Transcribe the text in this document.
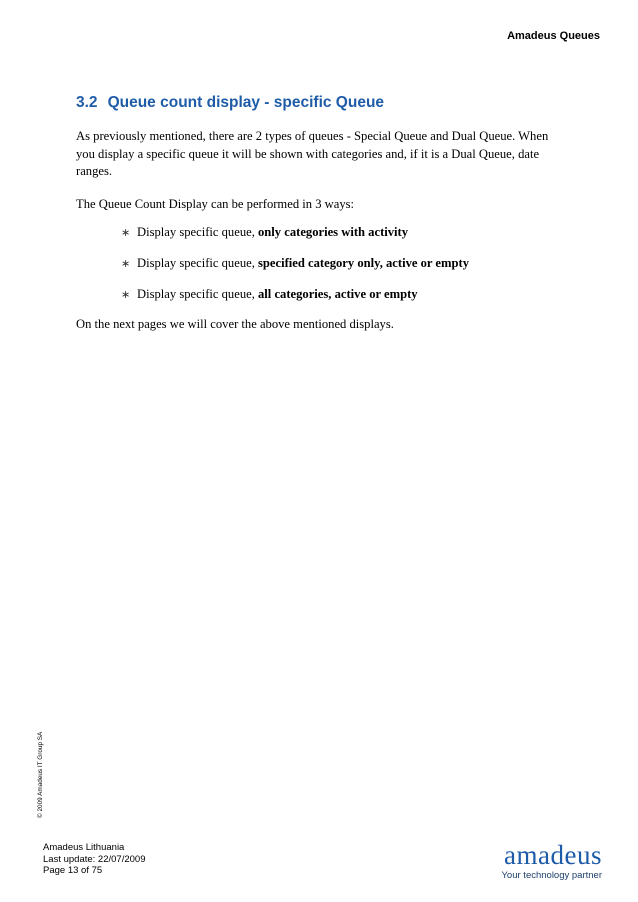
Amadeus Queues
3.2 Queue count display - specific Queue

As previously mentioned, there are 2 types of queues - Special Queue and Dual Queue. When you display a specific queue it will be shown with categories and, if it is a Dual Queue, date ranges.

The Queue Count Display can be performed in 3 ways:

∗ Display specific queue, only categories with activity
∗ Display specific queue, specified category only, active or empty
∗ Display specific queue, all categories, active or empty

On the next pages we will cover the above mentioned displays.

© 2009 Amadeus IT Group SA
Amadeus Lithuania
Last update: 22/07/2009
Page 13 of 75
amadeus
Your technology partner
